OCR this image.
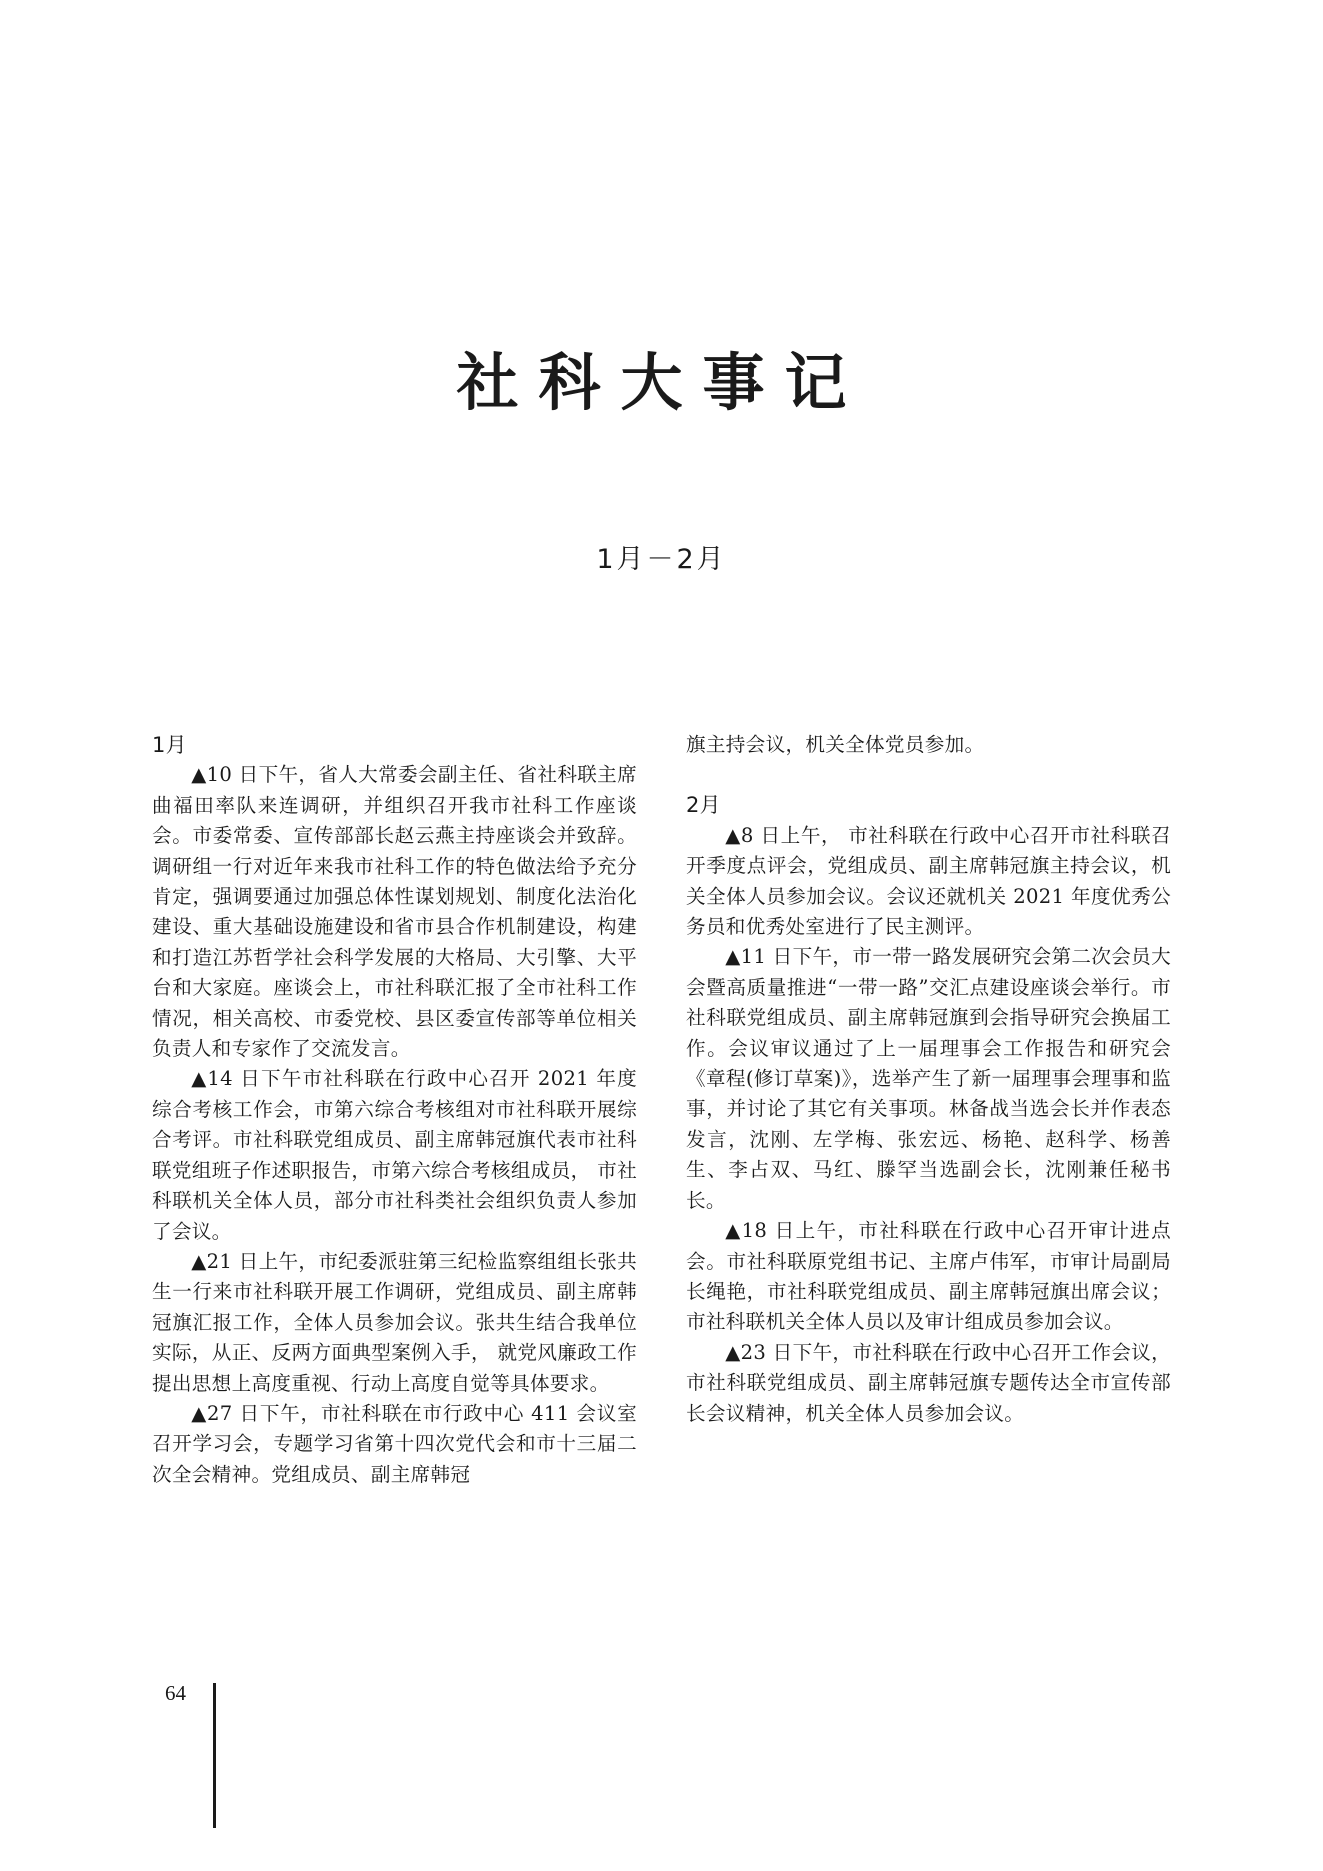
社科大事记
1月－2月
1月

▲10 日下午，省人大常委会副主任、省社科联主席曲福田率队来连调研，并组织召开我市社科工作座谈会。市委常委、宣传部部长赵云燕主持座谈会并致辞。调研组一行对近年来我市社科工作的特色做法给予充分肯定，强调要通过加强总体性谋划规划、制度化法治化建设、重大基础设施建设和省市县合作机制建设，构建和打造江苏哲学社会科学发展的大格局、大引擎、大平台和大家庭。座谈会上，市社科联汇报了全市社科工作情况，相关高校、市委党校、县区委宣传部等单位相关负责人和专家作了交流发言。

▲14 日下午市社科联在行政中心召开 2021 年度综合考核工作会，市第六综合考核组对市社科联开展综合考评。市社科联党组成员、副主席韩冠旗代表市社科联党组班子作述职报告，市第六综合考核组成员， 市社科联机关全体人员，部分市社科类社会组织负责人参加了会议。

▲21 日上午，市纪委派驻第三纪检监察组组长张共生一行来市社科联开展工作调研，党组成员、副主席韩冠旗汇报工作，全体人员参加会议。张共生结合我单位实际，从正、反两方面典型案例入手， 就党风廉政工作提出思想上高度重视、行动上高度自觉等具体要求。

▲27 日下午，市社科联在市行政中心 411 会议室召开学习会，专题学习省第十四次党代会和市十三届二次全会精神。党组成员、副主席韩冠

旗主持会议，机关全体党员参加。

2月

▲8 日上午， 市社科联在行政中心召开市社科联召开季度点评会，党组成员、副主席韩冠旗主持会议，机关全体人员参加会议。会议还就机关 2021 年度优秀公务员和优秀处室进行了民主测评。

▲11 日下午，市一带一路发展研究会第二次会员大会暨高质量推进“一带一路”交汇点建设座谈会举行。市社科联党组成员、副主席韩冠旗到会指导研究会换届工作。会议审议通过了上一届理事会工作报告和研究会《章程(修订草案)》，选举产生了新一届理事会理事和监事，并讨论了其它有关事项。林备战当选会长并作表态发言，沈刚、左学梅、张宏远、杨艳、赵科学、杨善生、李占双、马红、滕罕当选副会长，沈刚兼任秘书长。

▲18 日上午，市社科联在行政中心召开审计进点会。市社科联原党组书记、主席卢伟军，市审计局副局长绳艳，市社科联党组成员、副主席韩冠旗出席会议；市社科联机关全体人员以及审计组成员参加会议。

▲23 日下午，市社科联在行政中心召开工作会议，市社科联党组成员、副主席韩冠旗专题传达全市宣传部长会议精神，机关全体人员参加会议。

64
